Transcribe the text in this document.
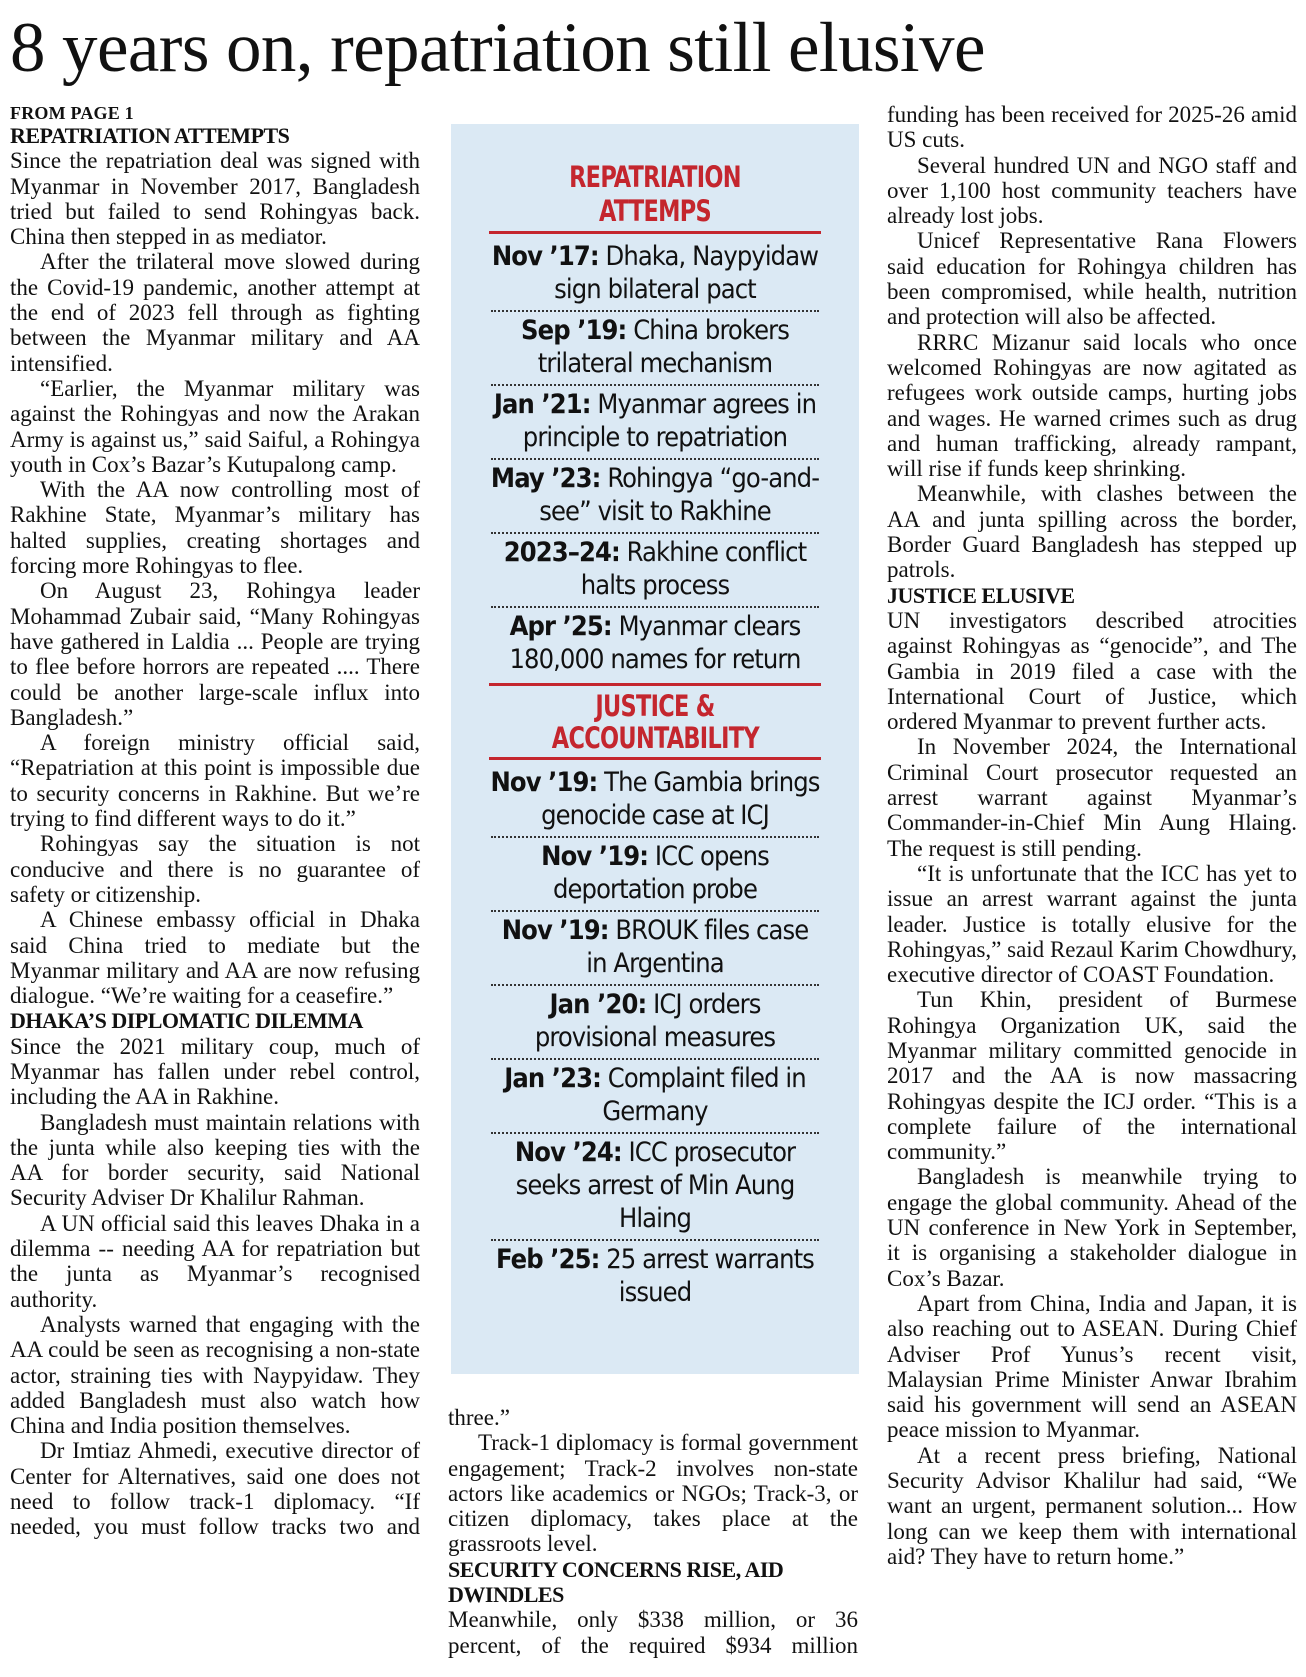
8 years on, repatriation still elusive

FROM PAGE 1

REPATRIATION ATTEMPTS

Since the repatriation deal was signed with Myanmar in November 2017, Bangladesh tried but failed to send Rohingyas back. China then stepped in as mediator.

After the trilateral move slowed during the Covid-19 pandemic, another attempt at the end of 2023 fell through as fighting between the Myanmar military and AA intensified.

“Earlier, the Myanmar military was against the Rohingyas and now the Arakan Army is against us,” said Saiful, a Rohingya youth in Cox’s Bazar’s Kutupalong camp.

With the AA now controlling most of Rakhine State, Myanmar’s military has halted supplies, creating shortages and forcing more Rohingyas to flee.

On August 23, Rohingya leader Mohammad Zubair said, “Many Rohingyas have gathered in Laldia ... People are trying to flee before horrors are repeated .... There could be another large-scale influx into Bangladesh.”

A foreign ministry official said, “Repatriation at this point is impossible due to security concerns in Rakhine. But we’re trying to find different ways to do it.”

Rohingyas say the situation is not conducive and there is no guarantee of safety or citizenship.

A Chinese embassy official in Dhaka said China tried to mediate but the Myanmar military and AA are now refusing dialogue. “We’re waiting for a ceasefire.”

DHAKA’S DIPLOMATIC DILEMMA

Since the 2021 military coup, much of Myanmar has fallen under rebel control, including the AA in Rakhine.

Bangladesh must maintain relations with the junta while also keeping ties with the AA for border security, said National Security Adviser Dr Khalilur Rahman.

A UN official said this leaves Dhaka in a dilemma -- needing AA for repatriation but the junta as Myanmar’s recognised authority.

Analysts warned that engaging with the AA could be seen as recognising a non-state actor, straining ties with Naypyidaw. They added Bangladesh must also watch how China and India position themselves.

Dr Imtiaz Ahmedi, executive director of Center for Alternatives, said one does not need to follow track-1 diplomacy. “If needed, you must follow tracks two and

REPATRIATION ATTEMPS
Nov ’17: Dhaka, Naypyidaw sign bilateral pact
Sep ’19: China brokers trilateral mechanism
Jan ’21: Myanmar agrees in principle to repatriation
May ’23: Rohingya “go-and-see” visit to Rakhine
2023–24: Rakhine conflict halts process
Apr ’25: Myanmar clears 180,000 names for return
JUSTICE & ACCOUNTABILITY
Nov ’19: The Gambia brings genocide case at ICJ
Nov ’19: ICC opens deportation probe
Nov ’19: BROUK files case in Argentina
Jan ’20: ICJ orders provisional measures
Jan ’23: Complaint filed in Germany
Nov ’24: ICC prosecutor seeks arrest of Min Aung Hlaing
Feb ’25: 25 arrest warrants issued

three.”

Track-1 diplomacy is formal government engagement; Track-2 involves non-state actors like academics or NGOs; Track-3, or citizen diplomacy, takes place at the grassroots level.

SECURITY CONCERNS RISE, AID DWINDLES

Meanwhile, only $338 million, or 36 percent, of the required $934 million

funding has been received for 2025-26 amid US cuts.

Several hundred UN and NGO staff and over 1,100 host community teachers have already lost jobs.

Unicef Representative Rana Flowers said education for Rohingya children has been compromised, while health, nutrition and protection will also be affected.

RRRC Mizanur said locals who once welcomed Rohingyas are now agitated as refugees work outside camps, hurting jobs and wages. He warned crimes such as drug and human trafficking, already rampant, will rise if funds keep shrinking.

Meanwhile, with clashes between the AA and junta spilling across the border, Border Guard Bangladesh has stepped up patrols.

JUSTICE ELUSIVE

UN investigators described atrocities against Rohingyas as “genocide”, and The Gambia in 2019 filed a case with the International Court of Justice, which ordered Myanmar to prevent further acts.

In November 2024, the International Criminal Court prosecutor requested an arrest warrant against Myanmar’s Commander-in-Chief Min Aung Hlaing. The request is still pending.

“It is unfortunate that the ICC has yet to issue an arrest warrant against the junta leader. Justice is totally elusive for the Rohingyas,” said Rezaul Karim Chowdhury, executive director of COAST Foundation.

Tun Khin, president of Burmese Rohingya Organization UK, said the Myanmar military committed genocide in 2017 and the AA is now massacring Rohingyas despite the ICJ order. “This is a complete failure of the international community.”

Bangladesh is meanwhile trying to engage the global community. Ahead of the UN conference in New York in September, it is organising a stakeholder dialogue in Cox’s Bazar.

Apart from China, India and Japan, it is also reaching out to ASEAN. During Chief Adviser Prof Yunus’s recent visit, Malaysian Prime Minister Anwar Ibrahim said his government will send an ASEAN peace mission to Myanmar.

At a recent press briefing, National Security Advisor Khalilur had said, “We want an urgent, permanent solution... How long can we keep them with international aid? They have to return home.”
